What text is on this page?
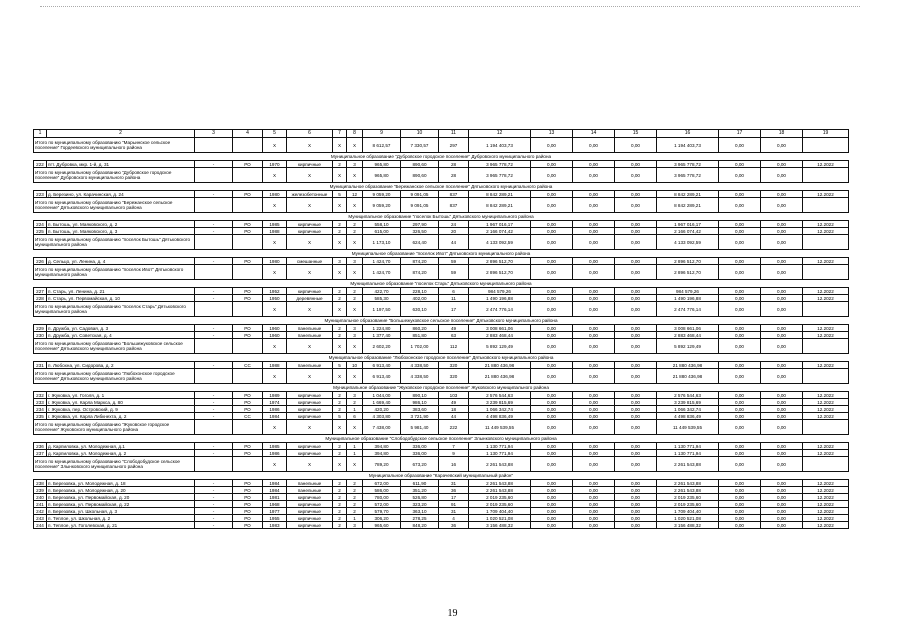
1	2	3	4	5	6	7	8	9	10	11	12	13	14	15	16	17	18	19
Итого по муниципальному образованию "Марьинское сельское поселение" Гордеевского муниципального района				X	X	X	X	8 612,57	7 330,57	297	1 194 403,73	0,00	0,00	0,00	1 194 403,73	0,00	0,00	
Муниципальное образование "Дубровское городское поселение" Дубровского муниципального района																		
222	пгт. Дубровка, мкр. 1-й, д. 31	-	РО	1970	кирпичные	2	3	965,80	890,60	28	3 965 778,72	0,00	0,00	0,00	3 965 778,72	0,00	0,00	12.2022
Итого по муниципальному образованию "Дубровское городское поселение" Дубровского муниципального района				X	X	X	X	965,80	890,60	28	3 965 778,72	0,00	0,00	0,00	3 965 778,72	0,00	0,00	
Муниципальное образование "Бережанское сельское поселение" Дятьковского муниципального района																		
223	д. Березино, ул. Карачинская, д. 24	-	РО	1980	железобетонные	5	12	9 059,20	9 091,05	837	8 842 289,21	0,00	0,00	0,00	8 842 289,21	0,00	0,00	12.2022
Итого по муниципальному образованию "Бережанское сельское поселение" Дятьковского муниципального района				X	X	X	X	9 059,20	9 091,05	837	8 842 289,21	0,00	0,00	0,00	8 842 289,21	0,00	0,00	
Муниципальное образование "поселок Бытошь" Дятьковского муниципального района																		
224	п. Бытошь, ул. Маяковского, д. 2	-	РО	1985	кирпичные	2	2	558,10	297,90	24	1 967 016,17	0,00	0,00	0,00	1 967 016,17	0,00	0,00	12.2022
225	п. Бытошь, ул. Маяковского, д. 3	-	РО	1988	кирпичные	2	2	615,00	326,50	20	2 166 074,42	0,00	0,00	0,00	2 166 074,42	0,00	0,00	12.2022
Итого по муниципальному образованию "поселок Бытошь" Дятьковского муниципального района				X	X	X	X	1 173,10	624,40	44	4 133 092,59	0,00	0,00	0,00	4 133 092,59	0,00	0,00	
Муниципальное образование "поселок Ивот" Дятьковского муниципального района																		
226	д. Сельцо, ул. Ленина, д. 4	-	РО	1980	смешанные	3	3	1 424,70	874,20	59	2 896 512,70	0,00	0,00	0,00	2 896 512,70	0,00	0,00	12.2022
Итого по муниципальному образованию "поселок Ивот" Дятьковского муниципального района				X	X	X	X	1 424,70	874,20	59	2 896 512,70	0,00	0,00	0,00	2 896 512,70	0,00	0,00	
Муниципальное образование "поселок Старь" Дятьковского муниципального района																		
227	п. Старь, ул. Ленина, д. 21	-	РО	1952	кирпичные	2	2	422,70	228,10	6	984 579,26	0,00	0,00	0,00	984 579,26	0,00	0,00	12.2022
228	п. Старь, ул. Первомайская, д. 10	-	РО	1950	деревянные	2	2	585,30	402,00	11	1 490 196,88	0,00	0,00	0,00	1 490 196,88	0,00	0,00	12.2022
Итого по муниципальному образованию "поселок Старь" Дятьковского муниципального района				X	X	X	X	1 197,50	630,10	17	2 474 776,14	0,00	0,00	0,00	2 474 776,14	0,00	0,00	
Муниципальное образование "Большежуковское сельское поселение" Дятьковского муниципального района																		
229	п. Дружба, ул. Садовая, д. 3	-	РО	1960	панельные	2	3	1 224,80	860,20	49	3 008 661,06	0,00	0,00	0,00	3 008 661,06	0,00	0,00	12.2022
230	п. Дружба, ул. Советская, д. 4	-	РО	1960	панельные	2	3	1 377,40	851,80	63	2 883 468,44	0,00	0,00	0,00	2 883 468,44	0,00	0,00	12.2022
Итого по муниципальному образованию "Большежуковское сельское поселение" Дятьковского муниципального района				X	X	X	X	2 602,20	1 702,00	112	5 892 129,49	0,00	0,00	0,00	5 892 129,49	0,00	0,00	
Муниципальное образование "Любохонское городское поселение" Дятьковского муниципального района																		
231	п. Любохна, ул. Сидорова, д. 2	-	СС	1988	панельные	5	10	6 913,40	4 338,50	320	21 880 436,98	0,00	0,00	0,00	21 880 436,98	0,00	0,00	12.2022
Итого по муниципальному образованию "Любохонское городское поселение" Дятьковского муниципального района				X	X	X	X	6 913,40	4 338,50	320	21 880 436,98	0,00	0,00	0,00	21 880 436,98	0,00	0,00	
Муниципальное образование "Жуковское городское поселение" Жуковского муниципального района																		
232	г. Жуковка, ул. Гоголя, д. 1	-	РО	1989	кирпичные	2	3	1 044,00	890,10	103	2 576 544,63	0,00	0,00	0,00	2 576 544,63	0,00	0,00	12.2022
233	г. Жуковка, ул. Карла Маркса, д. 80	-	РО	1974	кирпичные	2	2	1 669,40	986,10	49	3 239 815,69	0,00	0,00	0,00	3 239 815,69	0,00	0,00	12.2022
234	г. Жуковка, пер. Островский, д. 9	-	РО	1986	кирпичные	2	1	420,20	383,60	18	1 066 342,74	0,00	0,00	0,00	1 066 342,74	0,00	0,00	12.2022
235	г. Жуковка, ул. Карла Либкнехта, д. 2	-	СС	1984	кирпичные	5	6	4 303,80	3 721,90	44	4 498 836,49	0,00	0,00	0,00	4 498 836,49	0,00	0,00	12.2022
Итого по муниципальному образованию "Жуковское городское поселение" Жуковского муниципального района				X	X	X	X	7 438,00	5 981,40	222	11 449 539,55	0,00	0,00	0,00	11 449 539,55	0,00	0,00	
Муниципальное образование "Слободобудское сельское поселение" Злынковского муниципального района																		
236	д. Карпиловка, ул. Молодежная, д.1	-	РО	1985	кирпичные	2	1	394,80	336,00	7	1 130 771,94	0,00	0,00	0,00	1 130 771,94	0,00	0,00	12.2022
237	д. Карпиловка, ул. Молодежная, д. 2	-	РО	1986	кирпичные	2	1	394,80	336,00	9	1 130 771,94	0,00	0,00	0,00	1 130 771,94	0,00	0,00	12.2022
Итого по муниципальному образованию "Слободобудское сельское поселение" Злынковского муниципального района				X	X	X	X	789,20	673,20	16	2 261 543,88	0,00	0,00	0,00	2 261 543,88	0,00	0,00	
Муниципальное образование "Карачевский муниципальный район"																		
238	п. Березовка, ул. Молодежная, д. 18	-	РО	1984	панельные	2	2	672,00	611,90	31	2 261 543,88	0,00	0,00	0,00	2 261 543,88	0,00	0,00	12.2022
239	п. Березовка, ул. Молодежная, д. 20	-	РО	1984	панельные	2	2	586,00	351,20	36	2 261 543,88	0,00	0,00	0,00	2 261 543,88	0,00	0,00	12.2022
240	п. Березовка, ул. Первомайская, д. 20	-	РО	1981	кирпичные	2	2	780,00	526,80	17	2 019 235,60	0,00	0,00	0,00	2 019 235,60	0,00	0,00	12.2022
241	п. Березовка, ул. Первомайская, д. 22	-	РО	1968	кирпичные	2	2	572,00	323,20	91	2 019 235,60	0,00	0,00	0,00	2 019 235,60	0,00	0,00	12.2022
242	п. Березовка, ул. Школьная, д. 3	-	РО	1977	кирпичные	2	2	579,70	363,10	31	1 709 404,40	0,00	0,00	0,00	1 709 404,40	0,00	0,00	12.2022
243	п. Теплое, ул. Школьная, д. 2	-	РО	1955	кирпичные	2	1	306,20	278,25	4	1 020 521,08	0,00	0,00	0,00	1 020 521,08	0,00	0,00	12.2022
244	п. Теплое, ул. Гоголевская, д. 21	-	РО	1983	кирпичные	2	3	965,60	848,20	36	3 156 488,32	0,00	0,00	0,00	3 156 488,32	0,00	0,00	12.2022
19
